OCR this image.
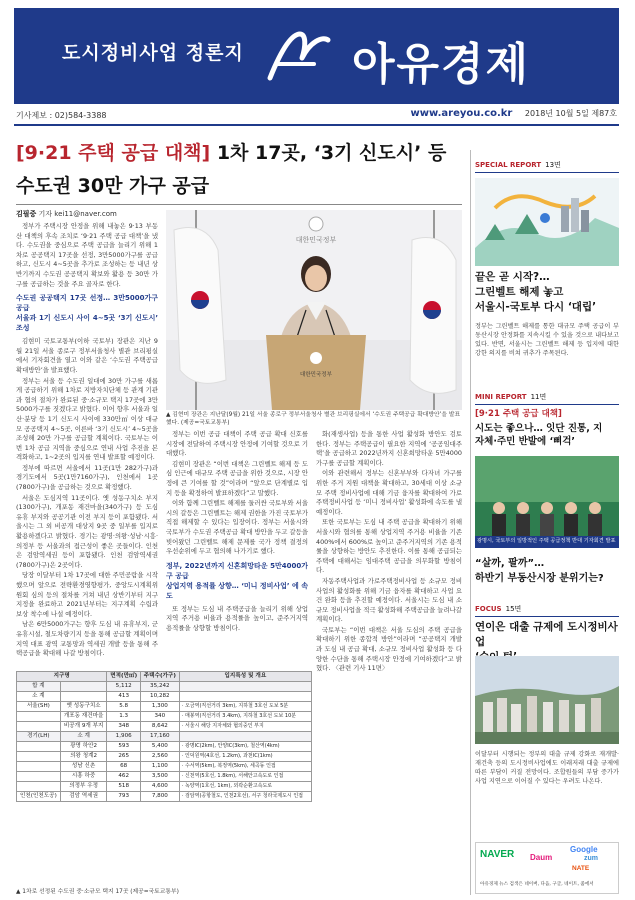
도시정비사업 정론지 아유경제
기사제보 : 02)584-3388	www.areyou.co.kr 2018년 10월 5일 제87호
[9·21 주택 공급 대책] 1차 17곳, ‘3기 신도시’ 등
수도권 30만 가구 공급
김필중 기자 kei11@naver.com

정부가 주택시장 안정을 위해 내놓은 9·13 부동산 대책의 후속 조치로 ‘9·21 주택 공급 대책’을 냈다. 수도권을 중심으로 주택 공급을 늘리기 위해 1차로 공공택지 17곳을 선정, 3만5000가구를 공급하고, 신도시 4~5곳을 추가로 조성하는 등 내년 상반기까지 수도권 공공택지 확보와 활용 등 30만 가구를 공급하는 것을 주요 골자로 한다.

수도권 공공택지 17곳 선정… 3만5000가구 공급
서울과 1기 신도시 사이 4~5곳 ‘3기 신도시’ 조성

김현미 국토교통부(이하 국토부) 장관은 지난 9월 21일 서울 종로구 정부서울청사 별관 브리핑실에서 기자회견을 열고 이와 같은 ‘수도권 주택공급 확대방안’을 발표했다.

정부는 서울 등 수도권 일대에 30만 가구를 새롭게 공급하기 위해 1차로 지방자치단체 등 관계 기관과 협의 절차가 완료된 중·소규모 택지 17곳에 3만5000가구를 짓겠다고 밝혔다. 이어 향후 서울과 일산·분당 등 1기 신도시 사이에 330만㎡ 이상 대규모 공공택지 4~5곳, 이른바 ‘3기 신도시’ 4~5곳을 조성해 20만 가구를 공급할 계획이다. 국토부는 이번 1차 공급 지역을 중심으로 연내 사업 추진을 본격화하고, 1~2곳의 입지를 연내 발표할 예정이다.

정부에 따르면 서울에서 11곳(1만 282가구)과 경기도에서 5곳(1만7160가구), 인천에서 1곳(7800가구)을 공급하는 것으로 확정했다.

서울은 도심지역 11곳이다. 옛 성동구치소 부지(1300가구), 개포동 재건마을(340가구) 등 도심 유휴 부지와 공공기관 이전 부지 등이 포함됐다. 서울시는 그 외 비공개 대상지 9곳 중 일부를 입지로 활용하겠다고 밝혔다. 경기는 광명·의왕·성남·시흥·의정부 등 서울과의 접근성이 좋은 곳들이다. 인천은 검암역세권 등이 포함됐다. 인천 검암역세권(7800가구)은 2곳이다.

당장 이달부터 1차 17곳에 대한 주민공람을 시작했으며 앞으로 전략환경영향평가, 중앙도시계획위원회 심의 등의 절차를 거쳐 내년 상반기부터 지구 지정을 완료하고 2021년부터는 지구계획 수립과 보상 착수에 나설 예정이다.

남은 6만5000가구는 향후 도심 내 유휴부지, 군 유휴시설, 철도차량기지 등을 통해 공급할 계획이며 지역 대표 광역 교통망과 역세권 개발 등을 통해 주택공급을 확대해 나갈 방침이다.

대한민국정부
대한민국정부
▲ 김현미 장관은 지난달(9월) 21일 서울 종로구 정부서울청사 별관 브리핑실에서 ‘수도권 주택공급 확대방안’을 발표했다. (제공=국토교통부)

정부는 이번 공급 대책이 주택 공급 확대 신호를 시장에 전달하여 주택시장 안정에 기여할 것으로 기대했다.

김현미 장관은 “이번 대책은 그린벨트 해제 등 도심 인근에 대규모 주택 공급을 위한 것으로, 시장 안정에 큰 기여를 할 것”이라며 “앞으로 단계별로 입지 등을 확정하여 발표하겠다”고 말했다.

이와 함께 그린벨트 해제를 둘러싼 국토부와 서울시의 갈등은 그린벨트는 해제 권한을 가진 국토부가 직접 해제할 수 있다는 입장이다. 정부는 서울시와 국토부가 수도권 주택공급 확대 방안을 두고 갈등을 빚어왔던 그린벨트 해제 문제를 국가 정책 결정의 우선순위에 두고 협의해 나가기로 했다.

정부, 2022년까지 신혼희망타운 5만4000가구 공급
상업지역 용적률 상향… ‘미니 정비사업’ 에 속도

또 정부는 도심 내 주택공급을 늘리기 위해 상업지역 주거용 비율과 용적률을 높이고, 준주거지역 용적률을 상향할 방침이다.

화(재생사업) 등을 통한 사업 활성화 방안도 검토한다. 정부는 주택공급이 필요한 지역에 ‘공공임대주택’을 공급하고 2022년까지 신혼희망타운 5만4000가구를 공급할 계획이다.

이와 관련해서 정부는 신혼부부와 다자녀 가구를 위한 주거 지원 대책을 확대하고, 30세대 이상 소규모 주택 정비사업에 대해 기금 융자를 확대하여 가로주택정비사업 등 ‘미니 정비사업’ 활성화에 속도를 낼 예정이다.

또한 국토부는 도심 내 주택 공급을 확대하기 위해 서울시와 협의를 통해 상업지역 주거용 비율을 기존 400%에서 600%로 높이고 준주거지역의 기존 용적률을 상향하는 방안도 추진한다. 이를 통해 공급되는 주택에 대해서는 임대주택 공급을 의무화할 방침이다.

자동주택사업과 가로주택정비사업 등 소규모 정비사업의 활성화를 위해 기금 융자를 확대하고 사업 요건 완화 등을 추진할 예정이다. 서울시는 도심 내 소규모 정비사업을 적극 활성화해 주택공급을 늘려나갈 계획이다.

국토부는 “이번 대책은 서울 도심의 주택 공급을 확대하기 위한 종합적 방안”이라며 “공공택지 개발과 도심 내 공급 확대, 소규모 정비사업 활성화 등 다양한 수단을 통해 주택시장 안정에 기여하겠다”고 밝혔다. 〈관련 기사 11면〉

지구명		면적(만㎡)	주택수(가구)	입지특성 및 개요
합 계		5,112	35,242	
소 계		413	10,282	
서울(SH)	옛 성동구치소	5.8	1,300	· 오금역(직선거리 3km), 지하철 3호선 도보 5분
	개포동 재건마을	1.3	340	· 매봉역(직선거리 3.4km), 지하철 3호선 도보 10분
	비공개 9개 부지	348	8,642	· 서울시 해당 지자체와 협의중인 부지
경기(LH)	소 계	1,906	17,160	
	광명 하안2	593	5,400	· 광명IC(2km), 안양IC(3km), 철산역(4km)
	의왕 청계2	265	2,560	· 인덕원역(4호선, 1.2km), 과천IC(1km)
	성남 신촌	68	1,100	· 수서역(5km), 복정역(5km), 세곡동 인접
	시흥 하중	462	3,500	· 신천역(5호선, 1.8km), 서해안고속도로 인접
	의정부 우정	518	4,600	· 녹양역(1호선, 1km), 외곽순환고속도로
인천(인천도공)	검암 역세권	793	7,800	· 검암역(공항철도, 인천2호선), 서구 청라국제도시 인접
▲ 1차로 선정된 수도권 중·소규모 택지 17곳 (제공=국토교통부)
SPECIAL REPORT 13면
끝은 곧 시작?…
그린벨트 해제 놓고
서울시-국토부 다시 ‘대립’
정부는 그린벨트 해제를 통한 대규모 주택 공급이 부동산시장 안정화를 지속시킬 수 있을 것으로 내다보고 있다. 반면, 서울시는 그린벨트 해제 등 입지에 대한 강한 의지를 비쳐 귀추가 주목된다.
MINI REPORT 11면
[9·21 주택 공급 대책]
시도는 좋으나… 잇단 진통, 지
자체·주민 반발에 ‘삐걱’
광명시, 국토부의 일방적인 주택 공급정책 반대 기자회견 발표
“살까, 팔까”…
하반기 부동산시장 분위기는?
FOCUS 15면
연이은 대출 규제에 도시정비사업
이달부터 시행되는 정부의 대출 규제 강화로 재개발·재건축 등의 도시정비사업에도 이래저래 대출 규제에 따른 부담이 커질 전망이다. 조합원들의 부담 증가가 사업 지연으로 이어질 수 있다는 우려도 나온다.
NAVER Daum
Google
zum
NATE
아유경제 뉴스 검색은 네이버, 다음, 구글, 네이트, 줌에서
